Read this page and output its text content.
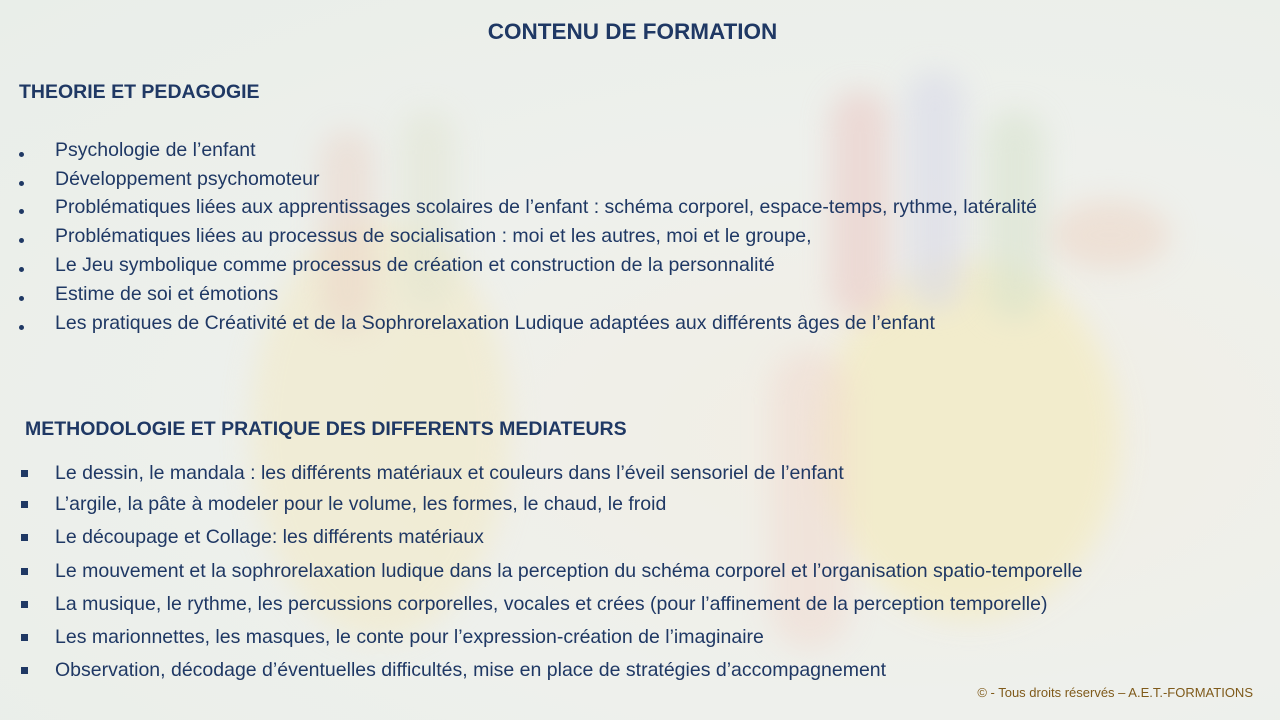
CONTENU DE FORMATION
THEORIE ET PEDAGOGIE
Psychologie de l’enfant
Développement psychomoteur
Problématiques liées aux apprentissages scolaires de l’enfant : schéma corporel, espace-temps, rythme, latéralité
Problématiques liées au processus de socialisation : moi et les autres, moi et le groupe,
Le Jeu symbolique comme processus de création et construction de la personnalité
Estime de soi et émotions
Les pratiques de Créativité et de la Sophrorelaxation Ludique adaptées aux différents âges de l’enfant
METHODOLOGIE ET PRATIQUE DES DIFFERENTS MEDIATEURS
Le dessin, le mandala : les différents matériaux et couleurs dans l’éveil sensoriel de l’enfant
L’argile, la pâte à modeler pour le volume, les formes, le chaud, le froid
Le découpage et Collage: les différents matériaux
Le mouvement et la sophrorelaxation ludique dans la perception du schéma corporel et l’organisation spatio-temporelle
La musique, le rythme, les percussions corporelles, vocales et crées (pour l’affinement de la perception temporelle)
Les marionnettes, les masques, le conte pour l’expression-création de l’imaginaire
Observation, décodage d’éventuelles difficultés, mise en place de stratégies d’accompagnement
© - Tous droits réservés – A.E.T.-FORMATIONS
